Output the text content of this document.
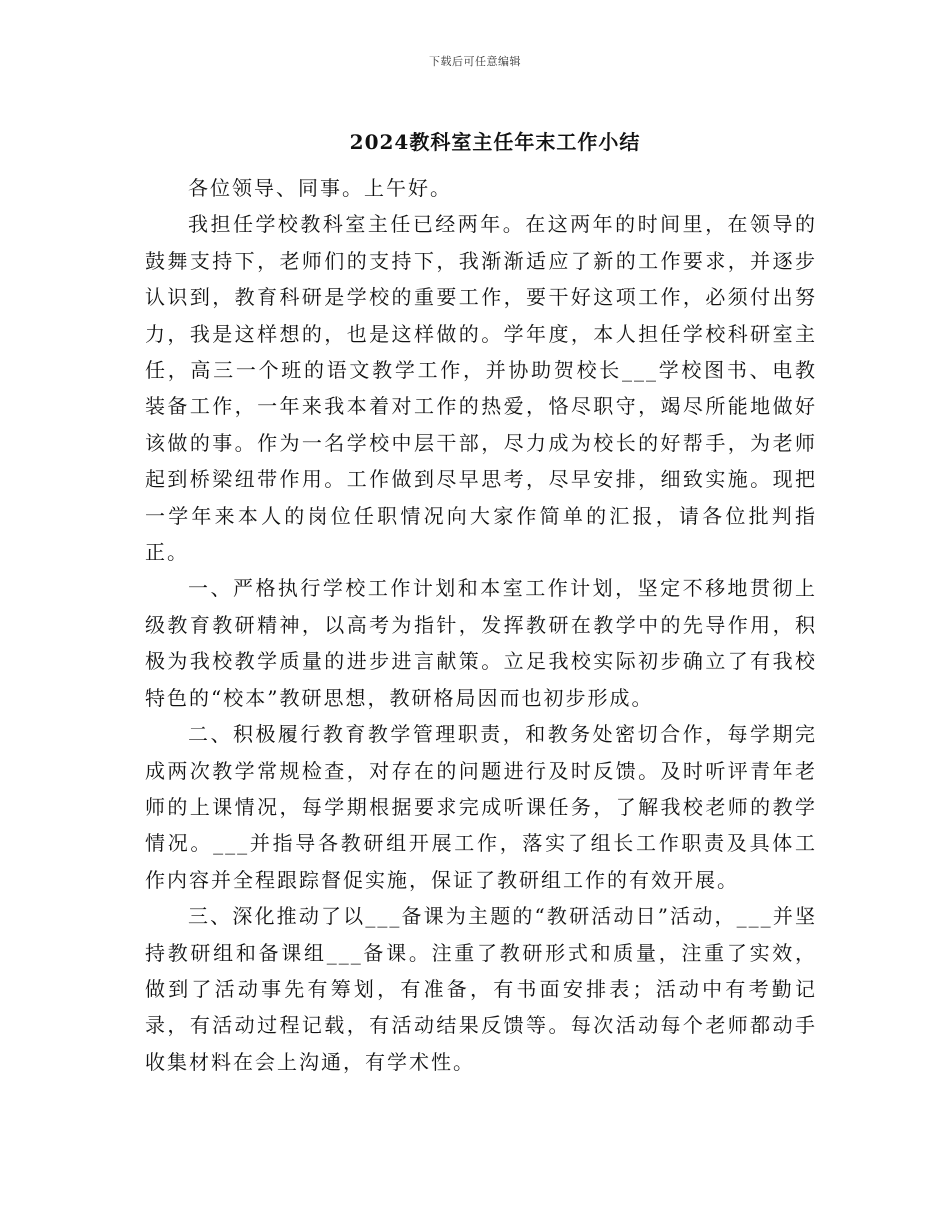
下载后可任意编辑
2024教科室主任年末工作小结

各位领导、同事。上午好。

我担任学校教科室主任已经两年。在这两年的时间里，在领导的鼓舞支持下，老师们的支持下，我渐渐适应了新的工作要求，并逐步认识到，教育科研是学校的重要工作，要干好这项工作，必须付出努力，我是这样想的，也是这样做的。学年度，本人担任学校科研室主任，高三一个班的语文教学工作，并协助贺校长___学校图书、电教装备工作，一年来我本着对工作的热爱，恪尽职守，竭尽所能地做好该做的事。作为一名学校中层干部，尽力成为校长的好帮手，为老师起到桥梁纽带作用。工作做到尽早思考，尽早安排，细致实施。现把一学年来本人的岗位任职情况向大家作简单的汇报，请各位批判指正。

一、严格执行学校工作计划和本室工作计划，坚定不移地贯彻上级教育教研精神，以高考为指针，发挥教研在教学中的先导作用，积极为我校教学质量的进步进言献策。立足我校实际初步确立了有我校特色的“校本”教研思想，教研格局因而也初步形成。

二、积极履行教育教学管理职责，和教务处密切合作，每学期完成两次教学常规检查，对存在的问题进行及时反馈。及时听评青年老师的上课情况，每学期根据要求完成听课任务，了解我校老师的教学情况。___并指导各教研组开展工作，落实了组长工作职责及具体工作内容并全程跟踪督促实施，保证了教研组工作的有效开展。

三、深化推动了以___备课为主题的“教研活动日”活动，___并坚持教研组和备课组___备课。注重了教研形式和质量，注重了实效，做到了活动事先有筹划，有准备，有书面安排表；活动中有考勤记录，有活动过程记载，有活动结果反馈等。每次活动每个老师都动手收集材料在会上沟通，有学术性。
